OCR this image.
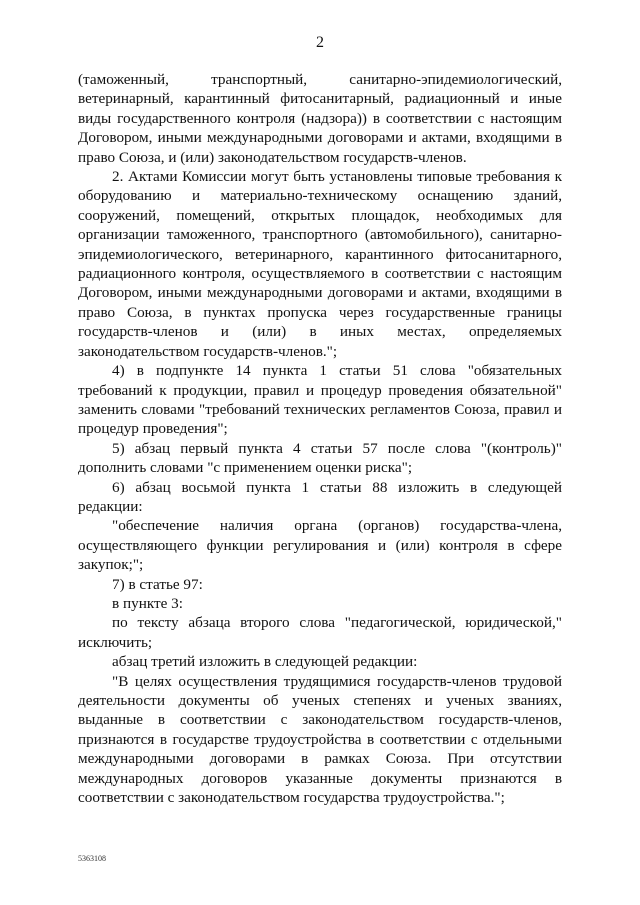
2

(таможенный, транспортный, санитарно-эпидемиологический, ветеринарный, карантинный фитосанитарный, радиационный и иные виды государственного контроля (надзора)) в соответствии с настоящим Договором, иными международными договорами и актами, входящими в право Союза, и (или) законодательством государств-членов.

2. Актами Комиссии могут быть установлены типовые требования к оборудованию и материально-техническому оснащению зданий, сооружений, помещений, открытых площадок, необходимых для организации таможенного, транспортного (автомобильного), санитарно-эпидемиологического, ветеринарного, карантинного фитосанитарного, радиационного контроля, осуществляемого в соответствии с настоящим Договором, иными международными договорами и актами, входящими в право Союза, в пунктах пропуска через государственные границы государств-членов и (или) в иных местах, определяемых законодательством государств-членов.";

4) в подпункте 14 пункта 1 статьи 51 слова "обязательных требований к продукции, правил и процедур проведения обязательной" заменить словами "требований технических регламентов Союза, правил и процедур проведения";

5) абзац первый пункта 4 статьи 57 после слова "(контроль)" дополнить словами "с применением оценки риска";

6) абзац восьмой пункта 1 статьи 88 изложить в следующей редакции:

"обеспечение наличия органа (органов) государства-члена, осуществляющего функции регулирования и (или) контроля в сфере закупок;";

7) в статье 97:

в пункте 3:

по тексту абзаца второго слова "педагогической, юридической," исключить;

абзац третий изложить в следующей редакции:

"В целях осуществления трудящимися государств-членов трудовой деятельности документы об ученых степенях и ученых званиях, выданные в соответствии с законодательством государств-членов, признаются в государстве трудоустройства в соответствии с отдельными международными договорами в рамках Союза. При отсутствии международных договоров указанные документы признаются в соответствии с законодательством государства трудоустройства.";

5363108
